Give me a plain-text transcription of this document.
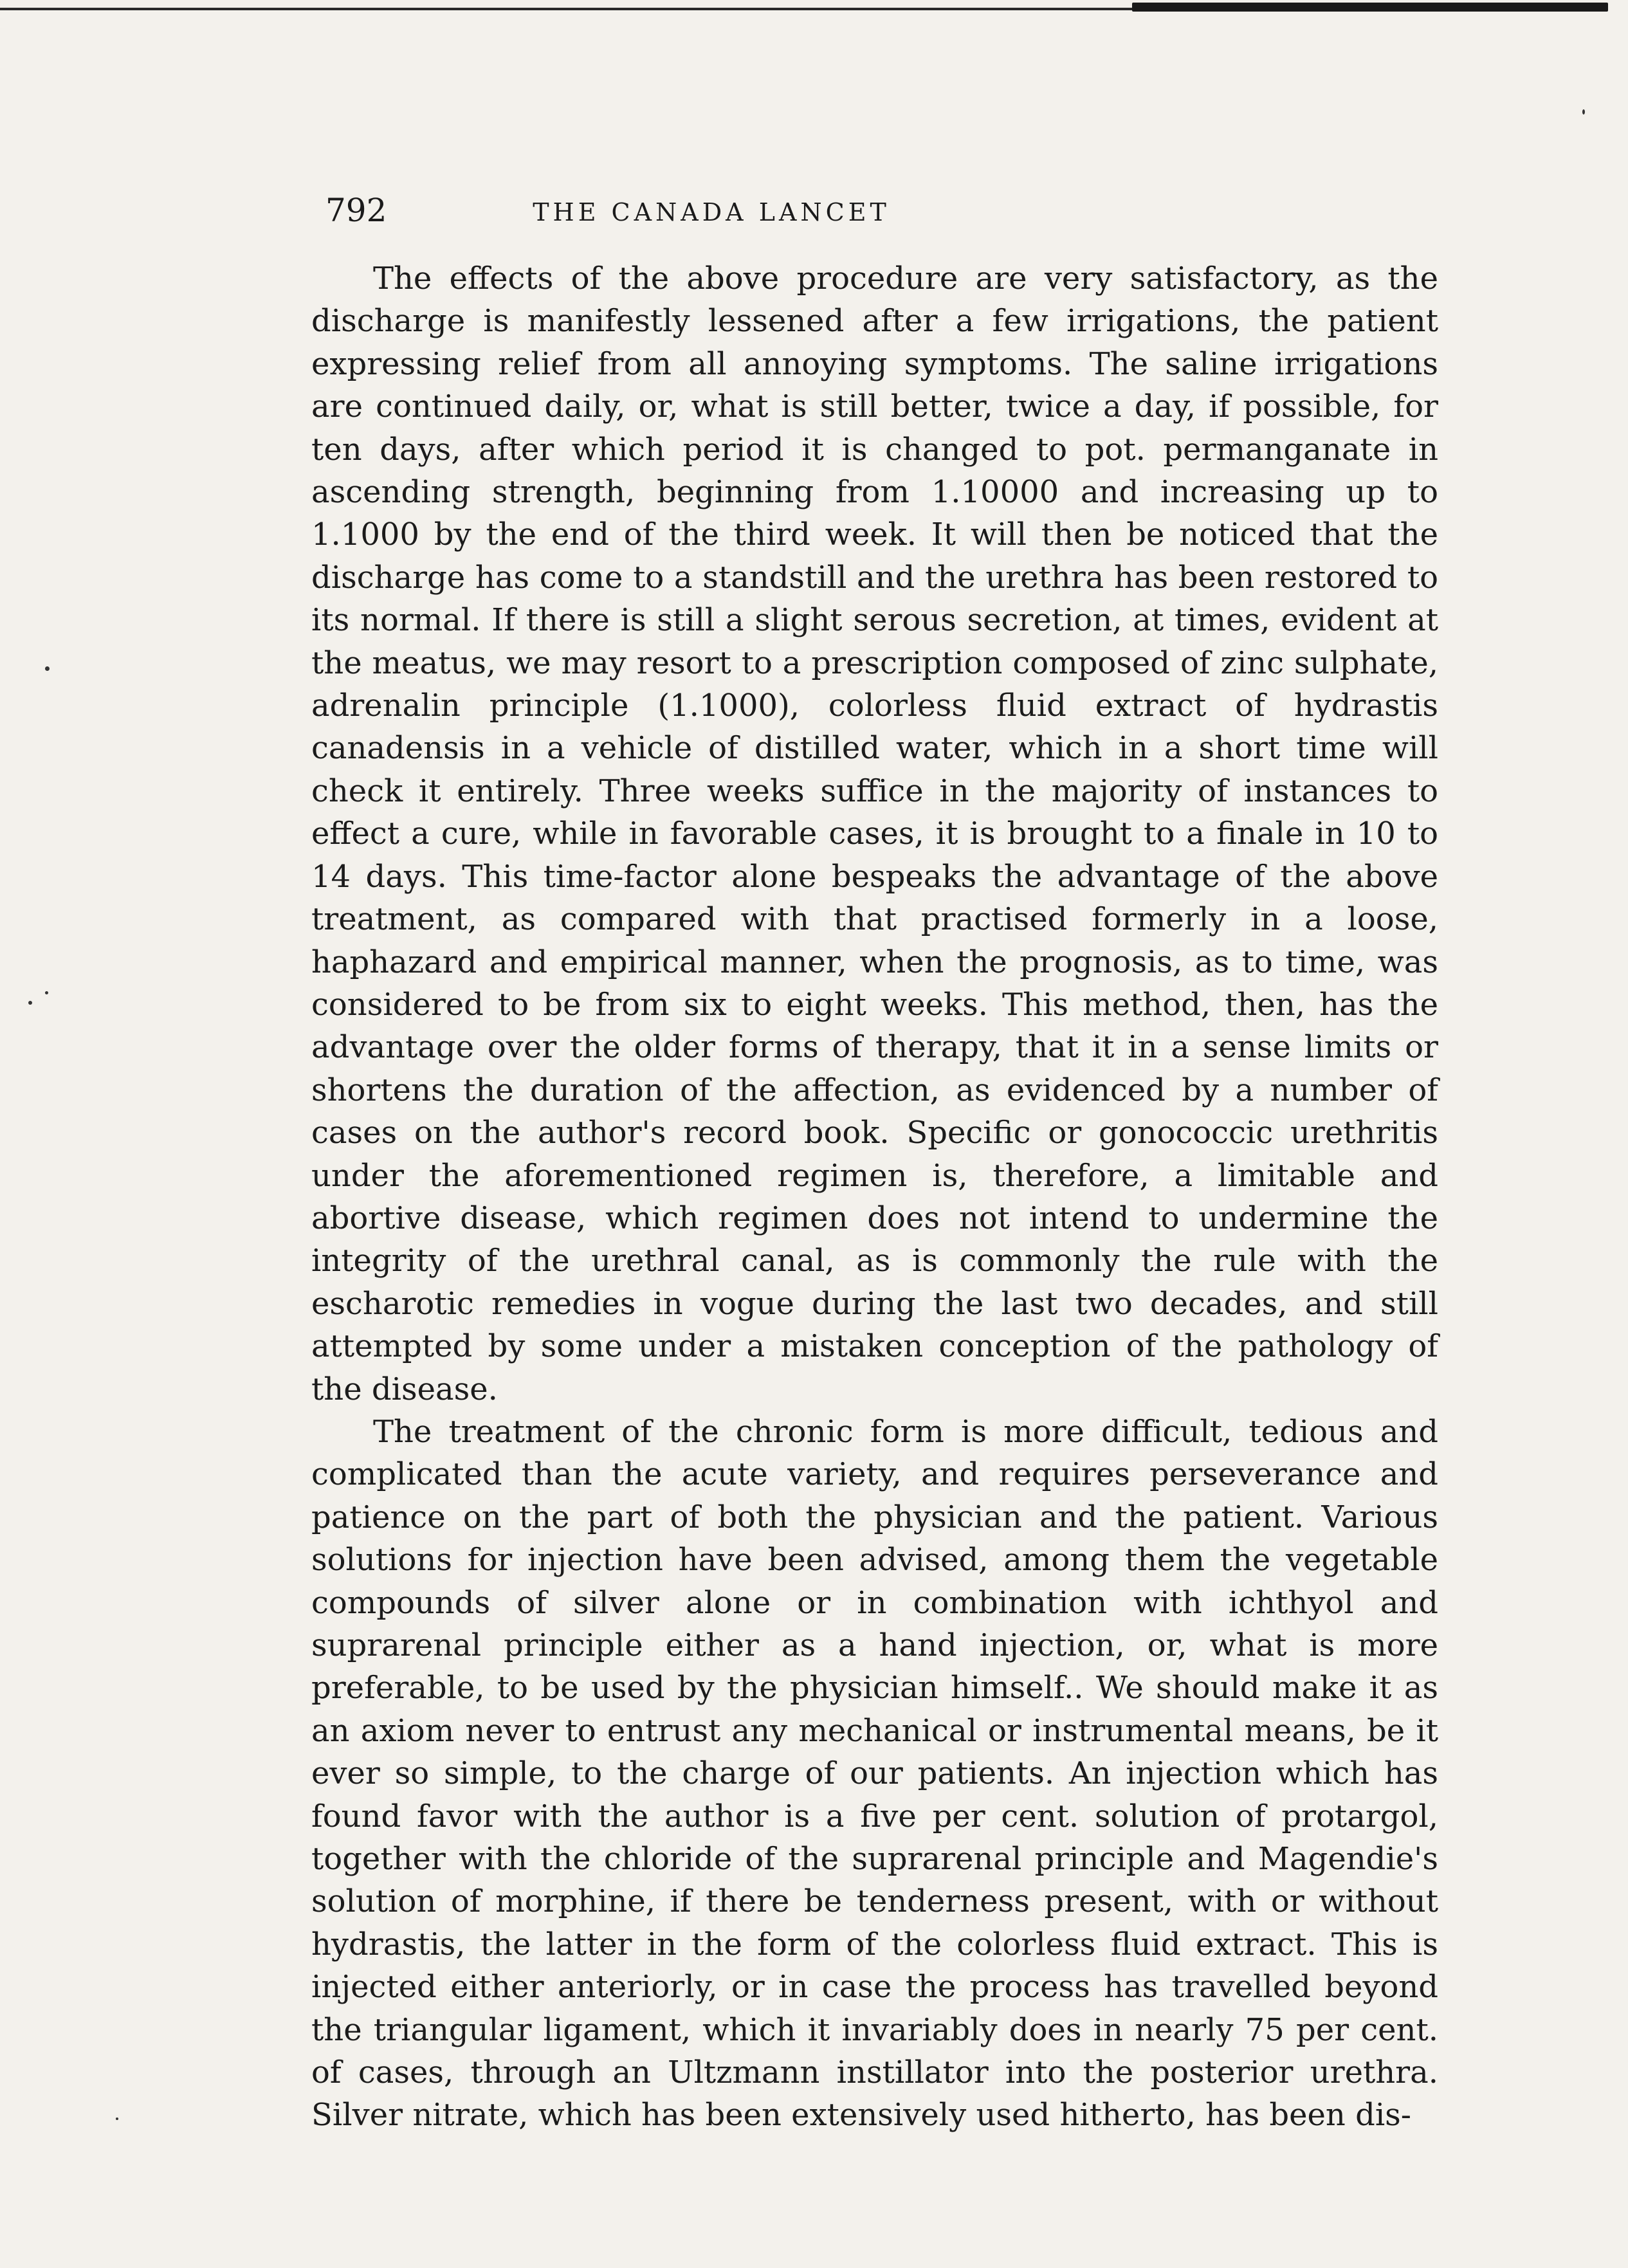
792	THE CANADA LANCET

The effects of the above procedure are very satisfactory, as the discharge is manifestly lessened after a few irrigations, the patient expressing relief from all annoying symptoms. The saline irrigations are continued daily, or, what is still better, twice a day, if possible, for ten days, after which period it is changed to pot. permanganate in ascending strength, beginning from 1.10000 and increasing up to 1.1000 by the end of the third week. It will then be noticed that the discharge has come to a standstill and the urethra has been restored to its normal. If there is still a slight serous secretion, at times, evident at the meatus, we may resort to a prescription composed of zinc sulphate, adrenalin principle (1.1000), colorless fluid extract of hydrastis canadensis in a vehicle of distilled water, which in a short time will check it entirely. Three weeks suffice in the majority of instances to effect a cure, while in favorable cases, it is brought to a finale in 10 to 14 days. This time-factor alone bespeaks the advantage of the above treatment, as compared with that practised formerly in a loose, haphazard and empirical manner, when the prognosis, as to time, was considered to be from six to eight weeks. This method, then, has the advantage over the older forms of therapy, that it in a sense limits or shortens the duration of the affection, as evidenced by a number of cases on the author's record book. Specific or gonococcic urethritis under the aforementioned regimen is, therefore, a limitable and abortive disease, which regimen does not intend to undermine the integrity of the urethral canal, as is commonly the rule with the escharotic remedies in vogue during the last two decades, and still attempted by some under a mistaken conception of the pathology of the disease.

The treatment of the chronic form is more difficult, tedious and complicated than the acute variety, and requires perseverance and patience on the part of both the physician and the patient. Various solutions for injection have been advised, among them the vegetable compounds of silver alone or in combination with ichthyol and suprarenal principle either as a hand injection, or, what is more preferable, to be used by the physician himself.. We should make it as an axiom never to entrust any mechanical or instrumental means, be it ever so simple, to the charge of our patients. An injection which has found favor with the author is a five per cent. solution of protargol, together with the chloride of the suprarenal principle and Magendie's solution of morphine, if there be tenderness present, with or without hydrastis, the latter in the form of the colorless fluid extract. This is injected either anteriorly, or in case the process has travelled beyond the triangular ligament, which it invariably does in nearly 75 per cent. of cases, through an Ultzmann instillator into the posterior urethra. Silver nitrate, which has been extensively used hitherto, has been dis-
